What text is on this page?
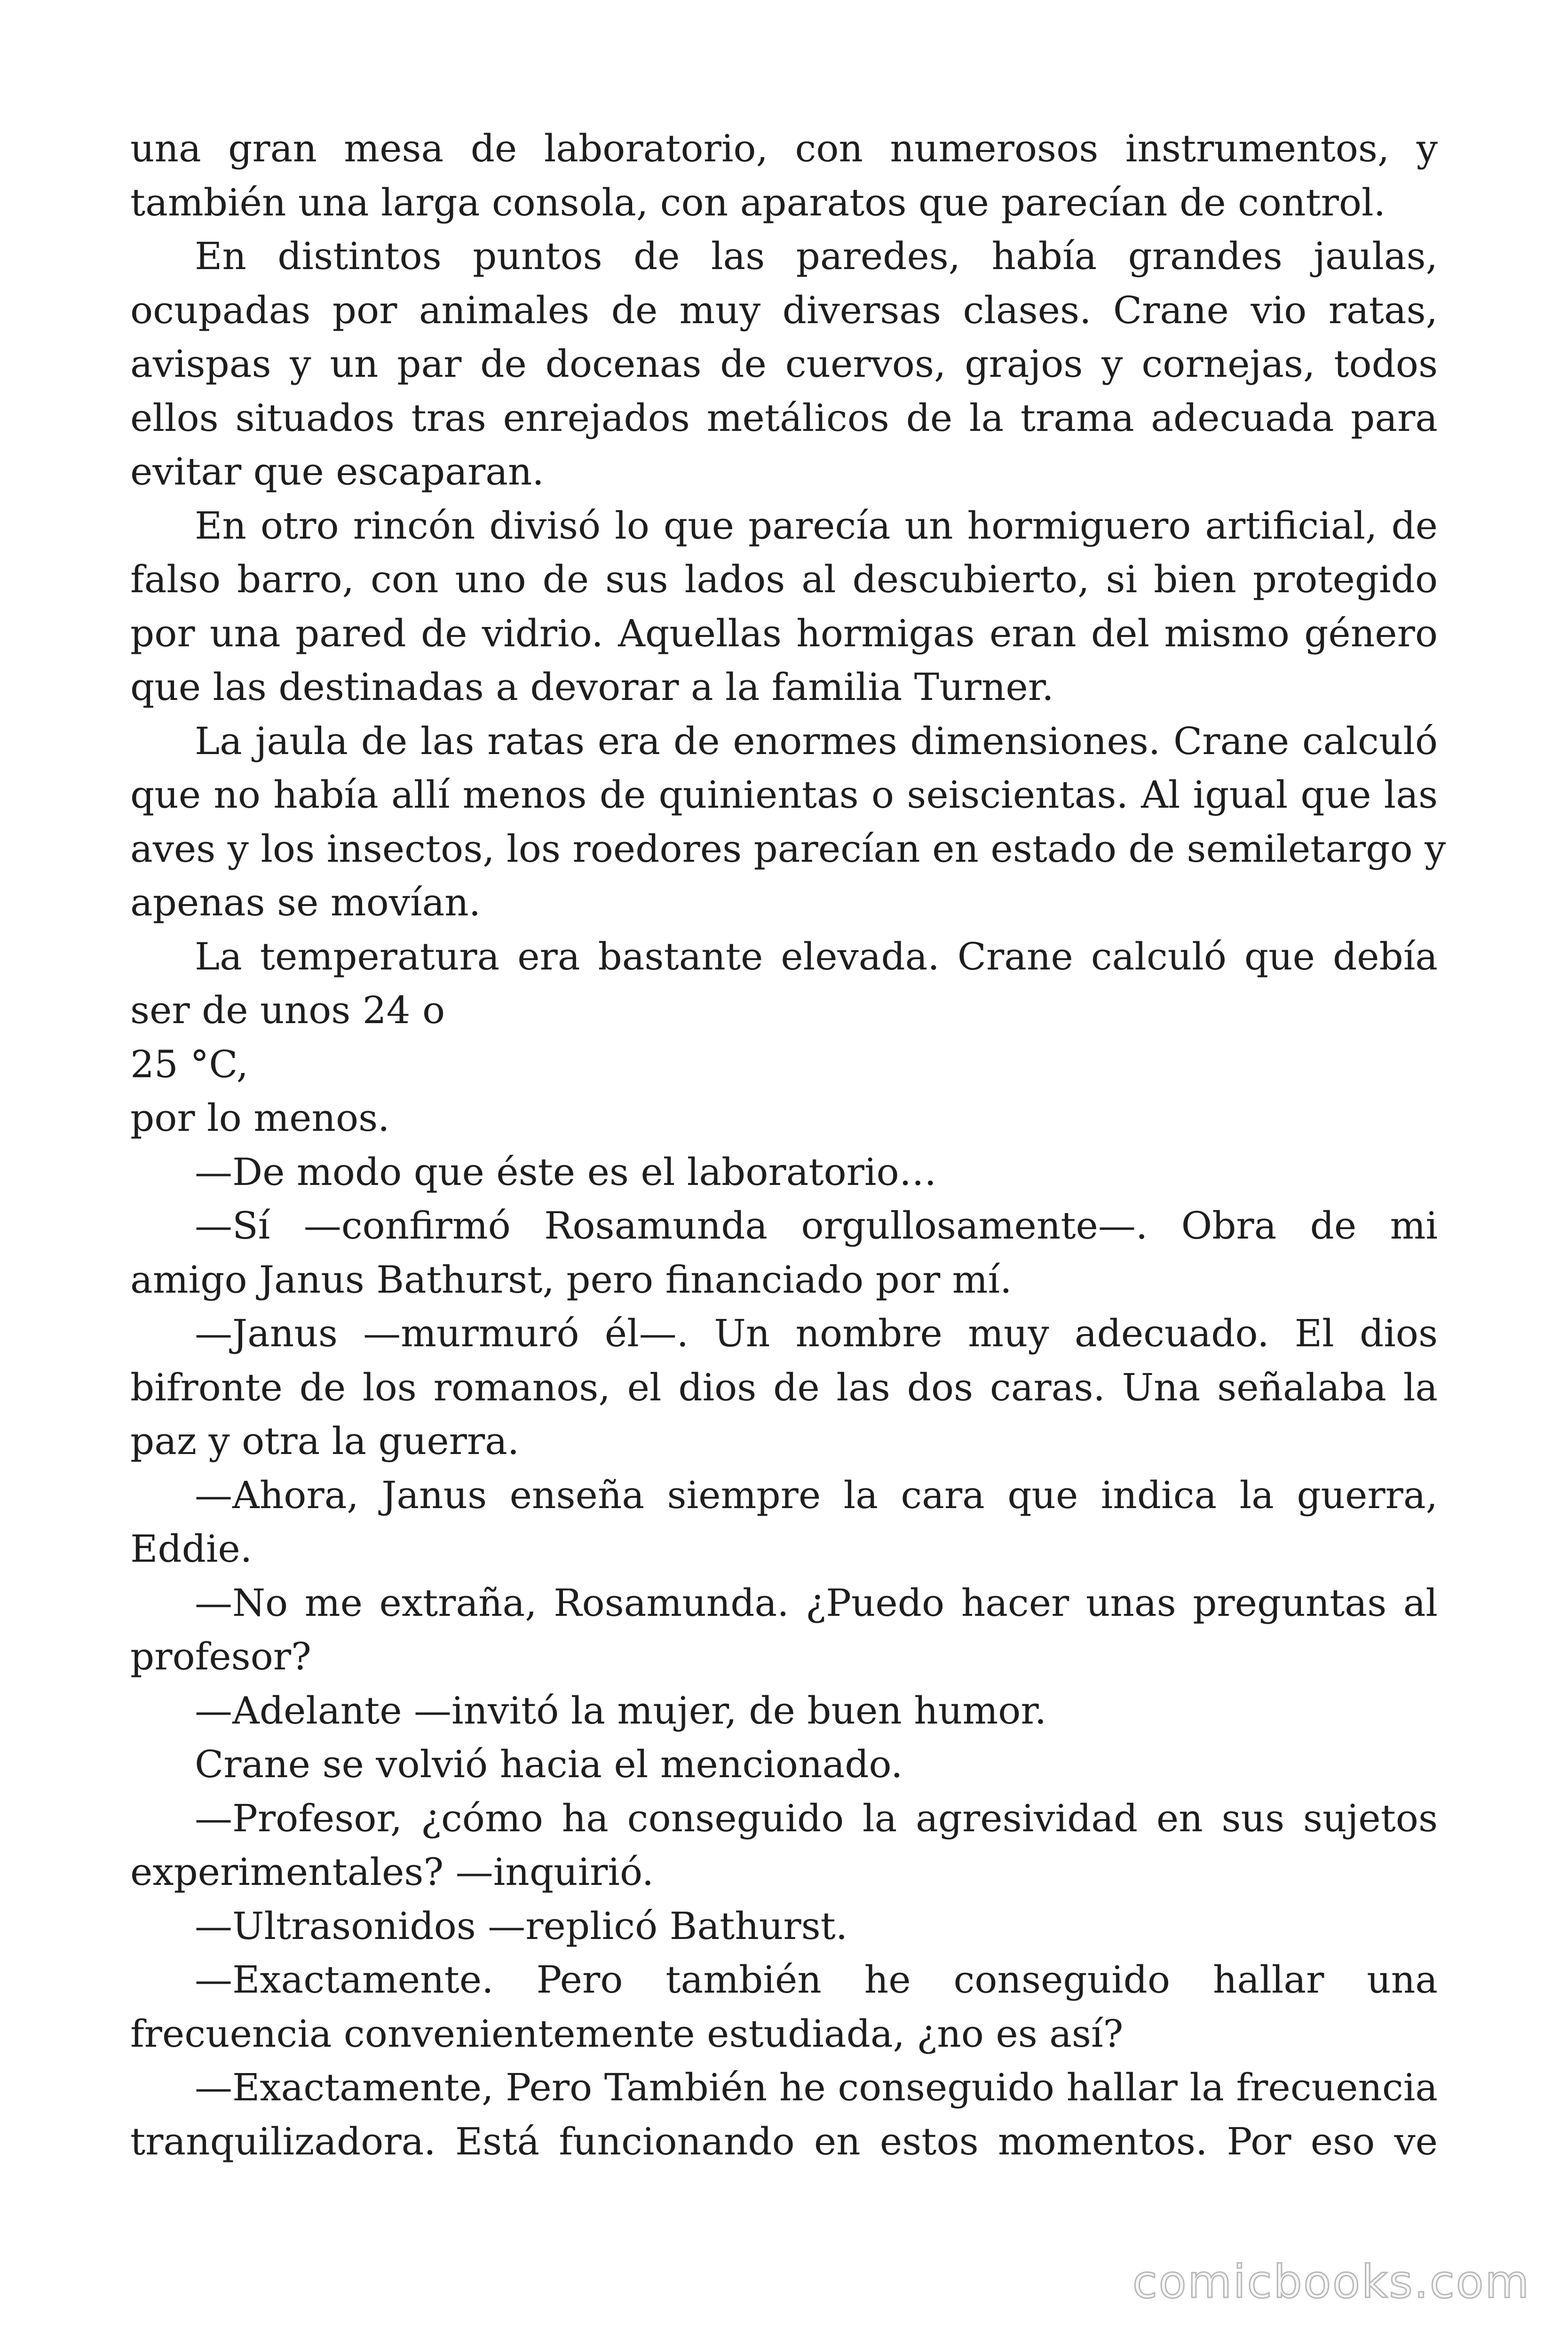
una gran mesa de laboratorio, con numerosos instrumentos, y
también una larga consola, con aparatos que parecían de control.
En distintos puntos de las paredes, había grandes jaulas,
ocupadas por animales de muy diversas clases. Crane vio ratas,
avispas y un par de docenas de cuervos, grajos y cornejas, todos
ellos situados tras enrejados metálicos de la trama adecuada para
evitar que escaparan.
En otro rincón divisó lo que parecía un hormiguero artificial, de
falso barro, con uno de sus lados al descubierto, si bien protegido
por una pared de vidrio. Aquellas hormigas eran del mismo género
que las destinadas a devorar a la familia Turner.
La jaula de las ratas era de enormes dimensiones. Crane calculó
que no había allí menos de quinientas o seiscientas. Al igual que las
aves y los insectos, los roedores parecían en estado de semiletargo y
apenas se movían.
La temperatura era bastante elevada. Crane calculó que debía
ser de unos 24 o
25 °C,
por lo menos.
—De modo que éste es el laboratorio…
—Sí —confirmó Rosamunda orgullosamente—. Obra de mi
amigo Janus Bathurst, pero financiado por mí.
—Janus —murmuró él—. Un nombre muy adecuado. El dios
bifronte de los romanos, el dios de las dos caras. Una señalaba la
paz y otra la guerra.
—Ahora, Janus enseña siempre la cara que indica la guerra,
Eddie.
—No me extraña, Rosamunda. ¿Puedo hacer unas preguntas al
profesor?
—Adelante —invitó la mujer, de buen humor.
Crane se volvió hacia el mencionado.
—Profesor, ¿cómo ha conseguido la agresividad en sus sujetos
experimentales? —inquirió.
—Ultrasonidos —replicó Bathurst.
—Exactamente. Pero también he conseguido hallar una
frecuencia convenientemente estudiada, ¿no es así?
—Exactamente, Pero También he conseguido hallar la frecuencia
tranquilizadora. Está funcionando en estos momentos. Por eso ve
comicbooks.com
